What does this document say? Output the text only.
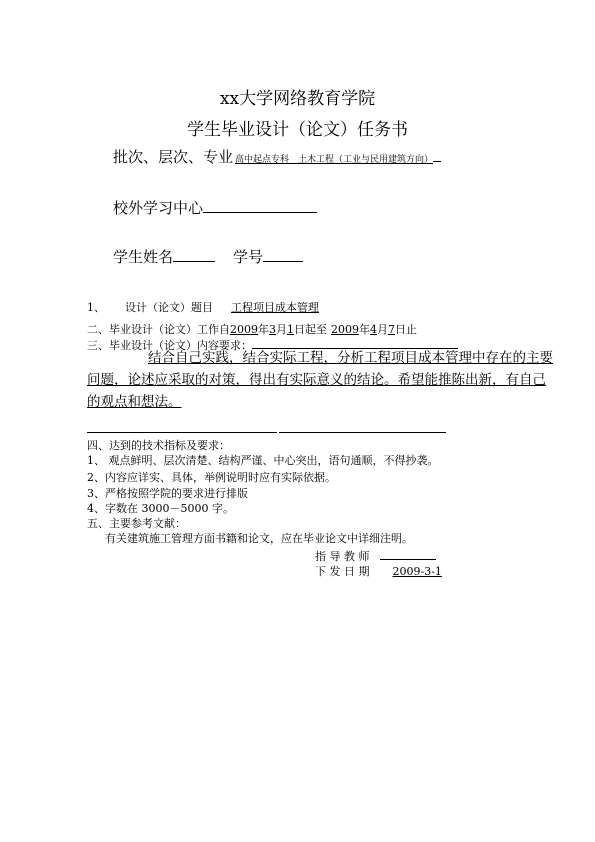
xx大学网络教育学院
学生毕业设计（论文）任务书
批次、层次、专业 高中起点专科　土木工程（工业与民用建筑方向）
校外学习中心
学生姓名	学号
1、 设计（论文）题目 工程项目成本管理
二、毕业设计（论文）工作自2009年3月1日起至 2009年4月7日止
三、毕业设计（论文）内容要求：
结合自己实践，结合实际工程，分析工程项目成本管理中存在的主要问题，论述应采取的对策，得出有实际意义的结论。希望能推陈出新，有自己的观点和想法。
四、达到的技术指标及要求：
1、 观点鲜明、层次清楚、结构严谨、中心突出，语句通顺，不得抄袭。
2、内容应详实、具体，举例说明时应有实际依据。
3、严格按照学院的要求进行排版
4、字数在 3000－5000 字。
五、主要参考文献：
有关建筑施工管理方面书籍和论文，应在毕业论文中详细注明。
指 导 教 师
下 发 日 期 2009-3-1
